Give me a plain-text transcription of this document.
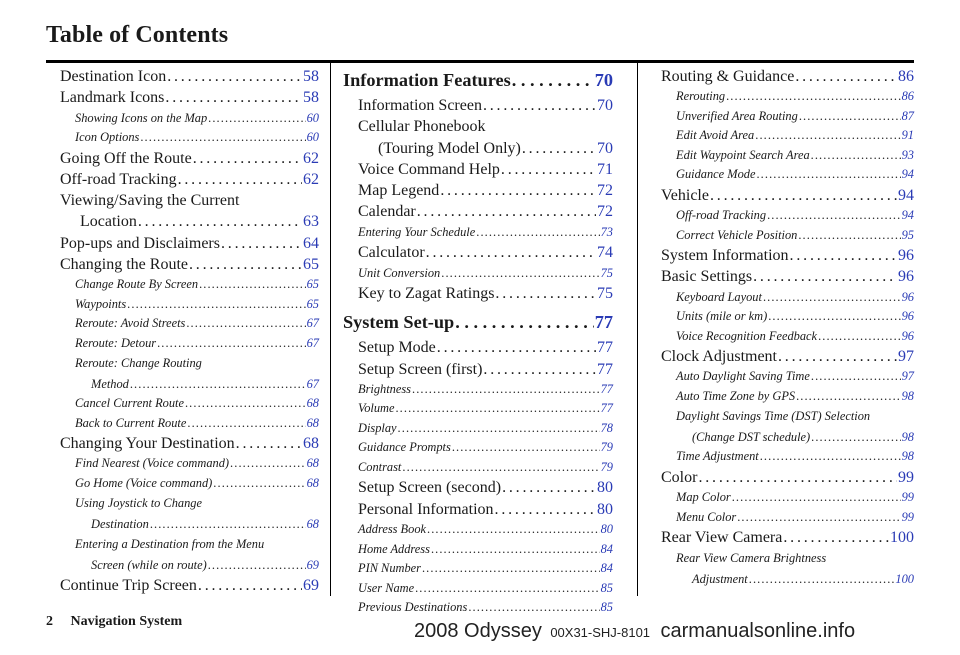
Table of Contents
Destination Icon . . .	58
Landmark Icons . . .	58
Showing Icons on the Map . . .	60
Icon Options . . .	60
Going Off the Route . . .	62
Off-road Tracking . . .	62
Viewing/Saving the Current
Location . . .	63
Pop-ups and Disclaimers . . .	64
Changing the Route . . .	65
Change Route By Screen . . .	65
Waypoints . . .	65
Reroute: Avoid Streets . . .	67
Reroute: Detour . . .	67
Reroute: Change Routing
Method . . .	67
Cancel Current Route . . .	68
Back to Current Route . . .	68
Changing Your Destination . . .	68
Find Nearest (Voice command) . . .	68
Go Home (Voice command) . . .	68
Using Joystick to Change
Destination . . .	68
Entering a Destination from the Menu
Screen (while on route) . . .	69
Continue Trip Screen . . .	69
Information Features . . .	70
Information Screen . . .	70
Cellular Phonebook
(Touring Model Only) . . .	70
Voice Command Help . . .	71
Map Legend . . .	72
Calendar . . .	72
Entering Your Schedule . . .	73
Calculator . . .	74
Unit Conversion . . .	75
Key to Zagat Ratings . . .	75
System Set-up . . .	77
Setup Mode . . .	77
Setup Screen (first) . . .	77
Brightness . . .	77
Volume . . .	77
Display . . .	78
Guidance Prompts . . .	79
Contrast . . .	79
Setup Screen (second) . . .	80
Personal Information . . .	80
Address Book . . .	80
Home Address . . .	84
PIN Number . . .	84
User Name . . .	85
Previous Destinations . . .	85
Routing & Guidance . . .	86
Rerouting . . .	86
Unverified Area Routing . . .	87
Edit Avoid Area . . .	91
Edit Waypoint Search Area . . .	93
Guidance Mode . . .	94
Vehicle . . .	94
Off-road Tracking . . .	94
Correct Vehicle Position . . .	95
System Information . . .	96
Basic Settings . . .	96
Keyboard Layout . . .	96
Units (mile or km) . . .	96
Voice Recognition Feedback . . .	96
Clock Adjustment . . .	97
Auto Daylight Saving Time . . .	97
Auto Time Zone by GPS . . .	98
Daylight Savings Time (DST) Selection
(Change DST schedule) . . .	98
Time Adjustment . . .	98
Color . . .	99
Map Color . . .	99
Menu Color . . .	99
Rear View Camera . . .	100
Rear View Camera Brightness
Adjustment . . .	100
2 Navigation System	2008 Odyssey 00X31-SHJ-8101 carmanualsonline.info
